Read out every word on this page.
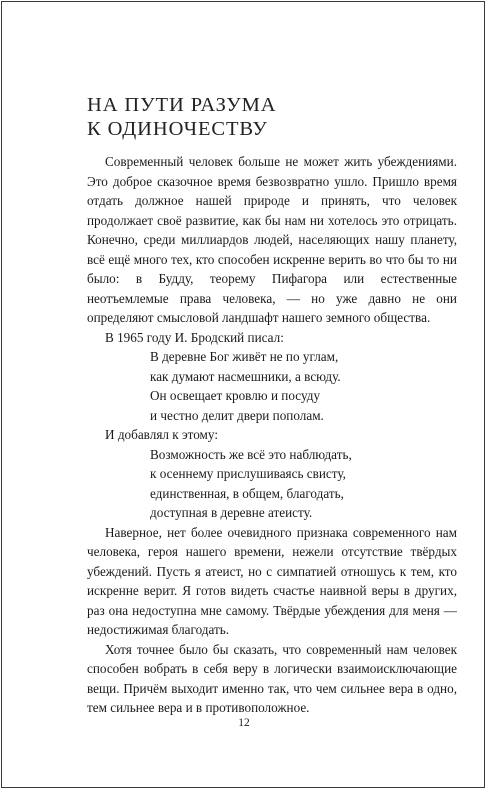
НА ПУТИ РАЗУМА
К ОДИНОЧЕСТВУ

Современный человек больше не может жить убеждениями. Это доброе сказочное время безвозвратно ушло. Пришло время отдать должное нашей природе и принять, что человек продолжает своё развитие, как бы нам ни хотелось это отрицать. Конечно, среди миллиардов людей, населяющих нашу планету, всё ещё много тех, кто способен искренне верить во что бы то ни было: в Будду, теорему Пифагора или естественные неотъемлемые права человека, — но уже давно не они определяют смысловой ландшафт нашего земного общества.

В 1965 году И. Бродский писал:

В деревне Бог живёт не по углам,
как думают насмешники, а всюду.
Он освещает кровлю и посуду
и честно делит двери пополам.

И добавлял к этому:

Возможность же всё это наблюдать,
к осеннему прислушиваясь свисту,
единственная, в общем, благодать,
доступная в деревне атеисту.

Наверное, нет более очевидного признака современного нам человека, героя нашего времени, нежели отсутствие твёрдых убеждений. Пусть я атеист, но с симпатией отношусь к тем, кто искренне верит. Я готов видеть счастье наивной веры в других, раз она недоступна мне самому. Твёрдые убеждения для меня — недостижимая благодать.

Хотя точнее было бы сказать, что современный нам человек способен вобрать в себя веру в логически взаимоисключающие вещи. Причём выходит именно так, что чем сильнее вера в одно, тем сильнее вера и в противоположное.

12
